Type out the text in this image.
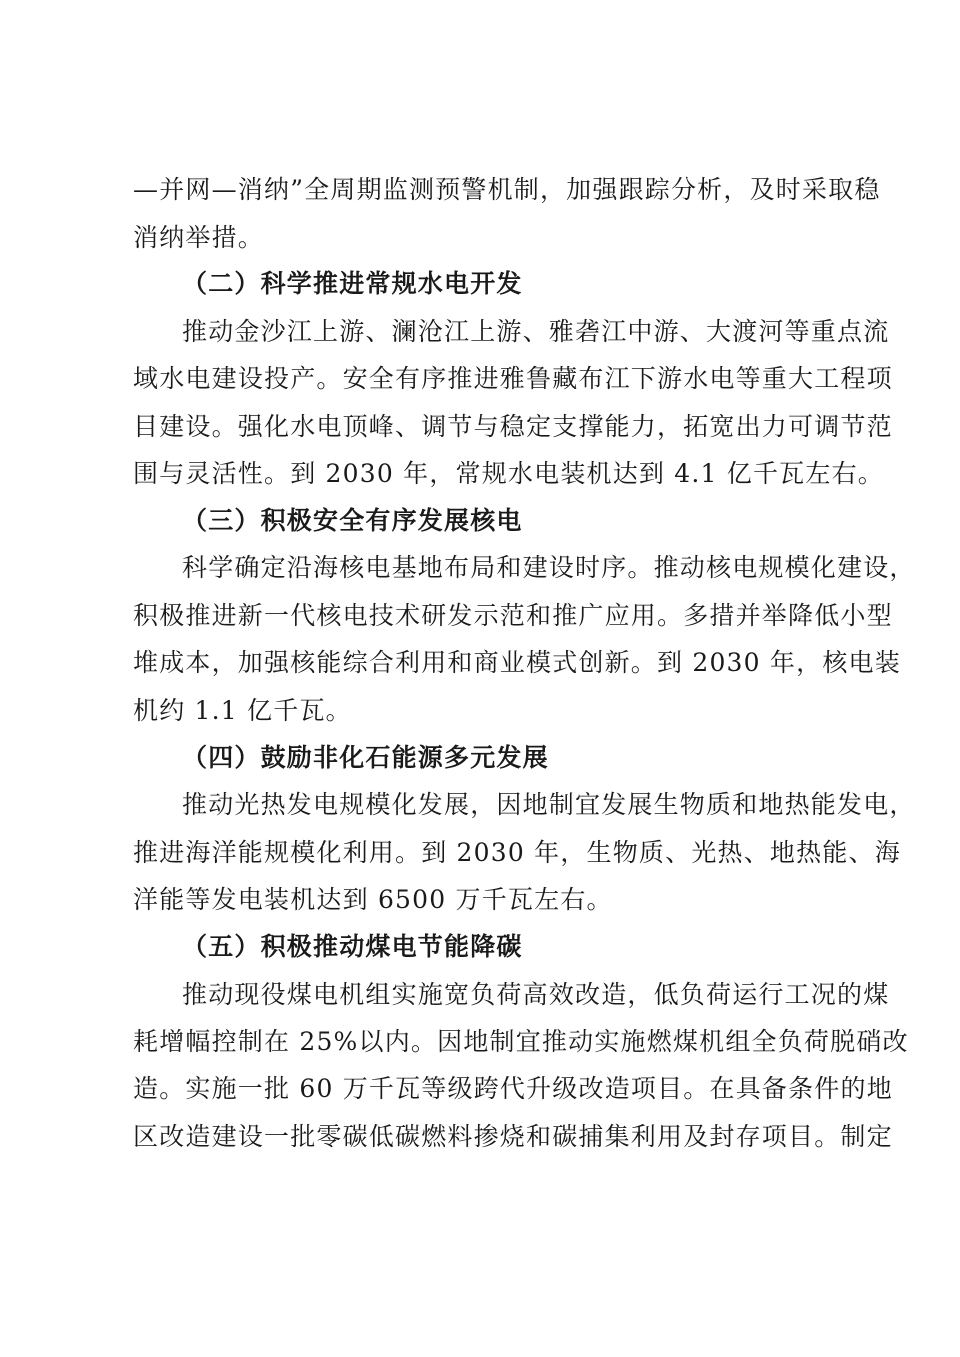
—并网—消纳”全周期监测预警机制，加强跟踪分析，及时采取稳
消纳举措。
（二）科学推进常规水电开发
推动金沙江上游、澜沧江上游、雅砻江中游、大渡河等重点流
域水电建设投产。安全有序推进雅鲁藏布江下游水电等重大工程项
目建设。强化水电顶峰、调节与稳定支撑能力，拓宽出力可调节范
围与灵活性。到 2030 年，常规水电装机达到 4.1 亿千瓦左右。
（三）积极安全有序发展核电
科学确定沿海核电基地布局和建设时序。推动核电规模化建设，
积极推进新一代核电技术研发示范和推广应用。多措并举降低小型
堆成本，加强核能综合利用和商业模式创新。到 2030 年，核电装
机约 1.1 亿千瓦。
（四）鼓励非化石能源多元发展
推动光热发电规模化发展，因地制宜发展生物质和地热能发电，
推进海洋能规模化利用。到 2030 年，生物质、光热、地热能、海
洋能等发电装机达到 6500 万千瓦左右。
（五）积极推动煤电节能降碳
推动现役煤电机组实施宽负荷高效改造，低负荷运行工况的煤
耗增幅控制在 25%以内。因地制宜推动实施燃煤机组全负荷脱硝改
造。实施一批 60 万千瓦等级跨代升级改造项目。在具备条件的地
区改造建设一批零碳低碳燃料掺烧和碳捕集利用及封存项目。制定
